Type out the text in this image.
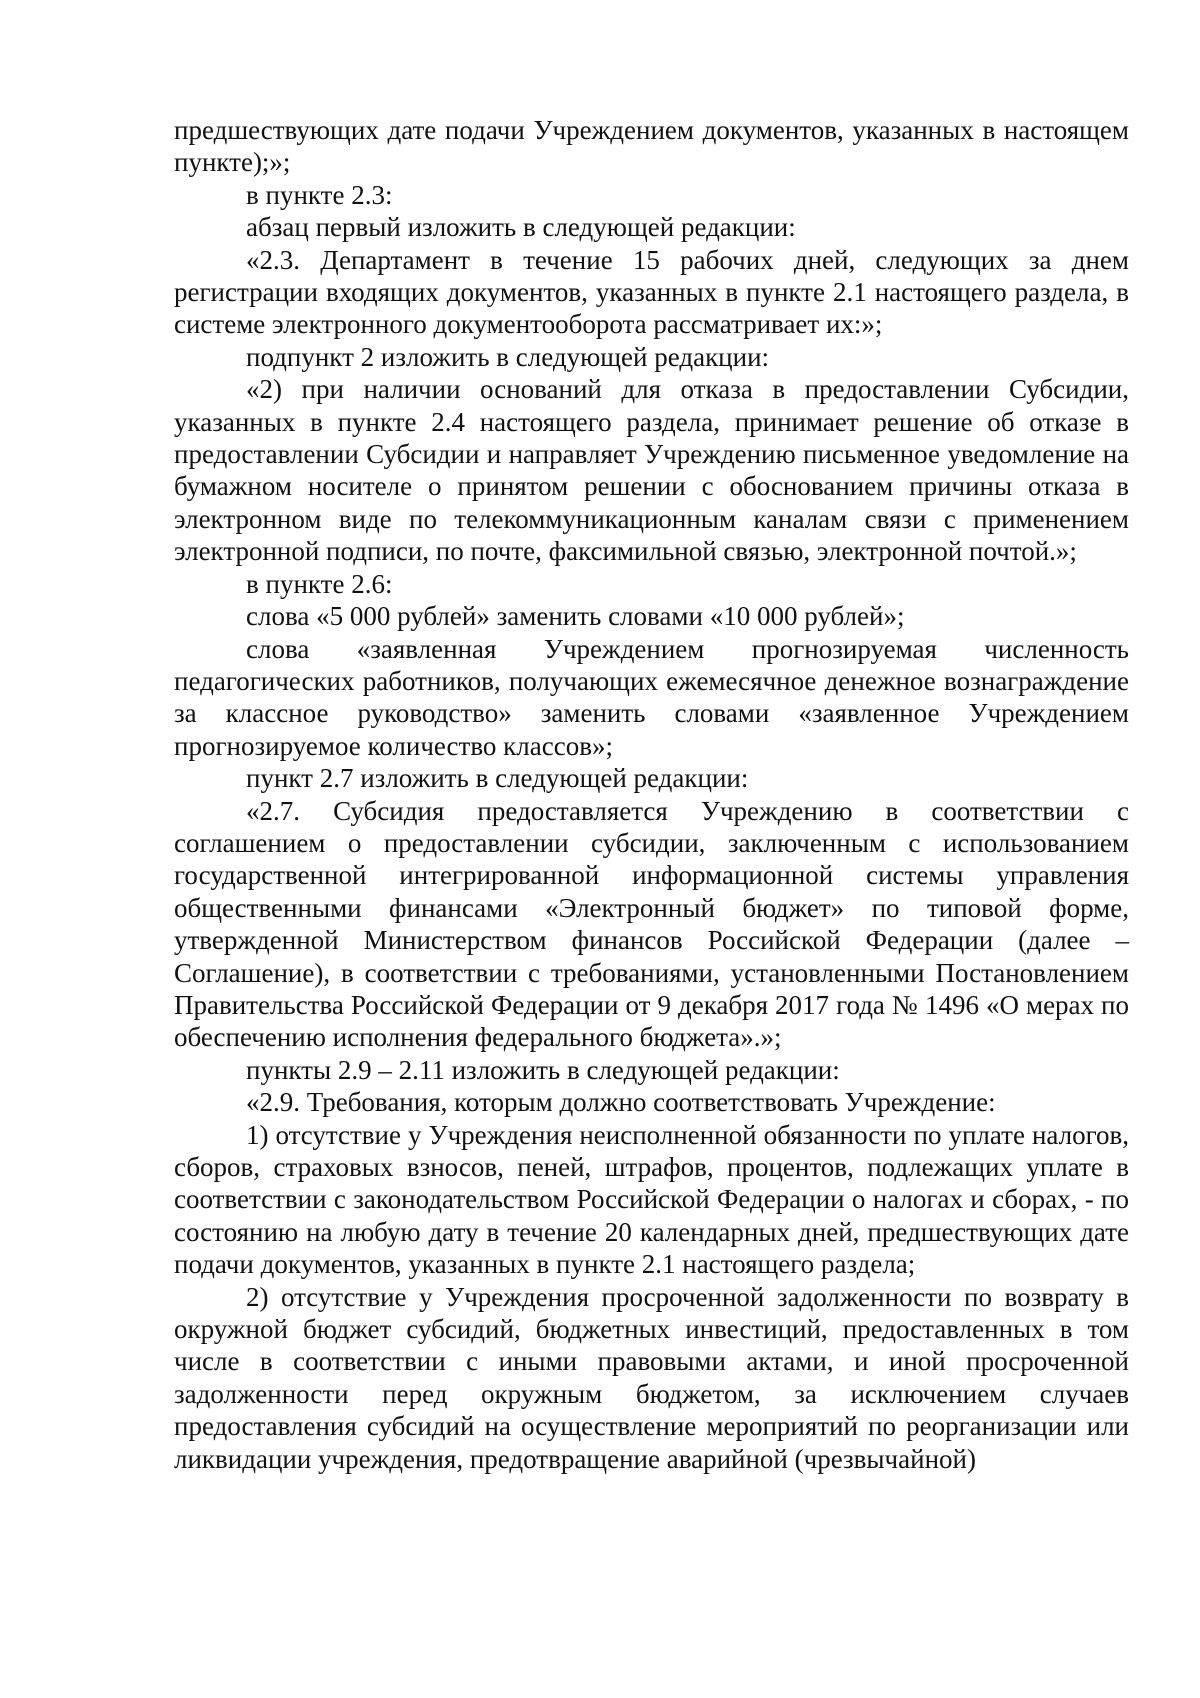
предшествующих дате подачи Учреждением документов, указанных в настоящем пункте);»;

в пункте 2.3:

абзац первый изложить в следующей редакции:

«2.3. Департамент в течение 15 рабочих дней, следующих за днем регистрации входящих документов, указанных в пункте 2.1 настоящего раздела, в системе электронного документооборота рассматривает их:»;

подпункт 2 изложить в следующей редакции:

«2) при наличии оснований для отказа в предоставлении Субсидии, указанных в пункте 2.4 настоящего раздела, принимает решение об отказе в предоставлении Субсидии и направляет Учреждению письменное уведомление на бумажном носителе о принятом решении с обоснованием причины отказа в электронном виде по телекоммуникационным каналам связи с применением электронной подписи, по почте, факсимильной связью, электронной почтой.»;

в пункте 2.6:

слова «5 000 рублей» заменить словами «10 000 рублей»;

слова «заявленная Учреждением прогнозируемая численность педагогических работников, получающих ежемесячное денежное вознаграждение за классное руководство» заменить словами «заявленное Учреждением прогнозируемое количество классов»;

пункт 2.7 изложить в следующей редакции:

«2.7. Субсидия предоставляется Учреждению в соответствии с соглашением о предоставлении субсидии, заключенным с использованием государственной интегрированной информационной системы управления общественными финансами «Электронный бюджет» по типовой форме, утвержденной Министерством финансов Российской Федерации (далее – Соглашение), в соответствии с требованиями, установленными Постановлением Правительства Российской Федерации от 9 декабря 2017 года № 1496 «О мерах по обеспечению исполнения федерального бюджета».»;

пункты 2.9 – 2.11 изложить в следующей редакции:

«2.9. Требования, которым должно соответствовать Учреждение:

1) отсутствие у Учреждения неисполненной обязанности по уплате налогов, сборов, страховых взносов, пеней, штрафов, процентов, подлежащих уплате в соответствии с законодательством Российской Федерации о налогах и сборах, - по состоянию на любую дату в течение 20 календарных дней, предшествующих дате подачи документов, указанных в пункте 2.1 настоящего раздела;

2) отсутствие у Учреждения просроченной задолженности по возврату в окружной бюджет субсидий, бюджетных инвестиций, предоставленных в том числе в соответствии с иными правовыми актами, и иной просроченной задолженности перед окружным бюджетом, за исключением случаев предоставления субсидий на осуществление мероприятий по реорганизации или ликвидации учреждения, предотвращение аварийной (чрезвычайной)
